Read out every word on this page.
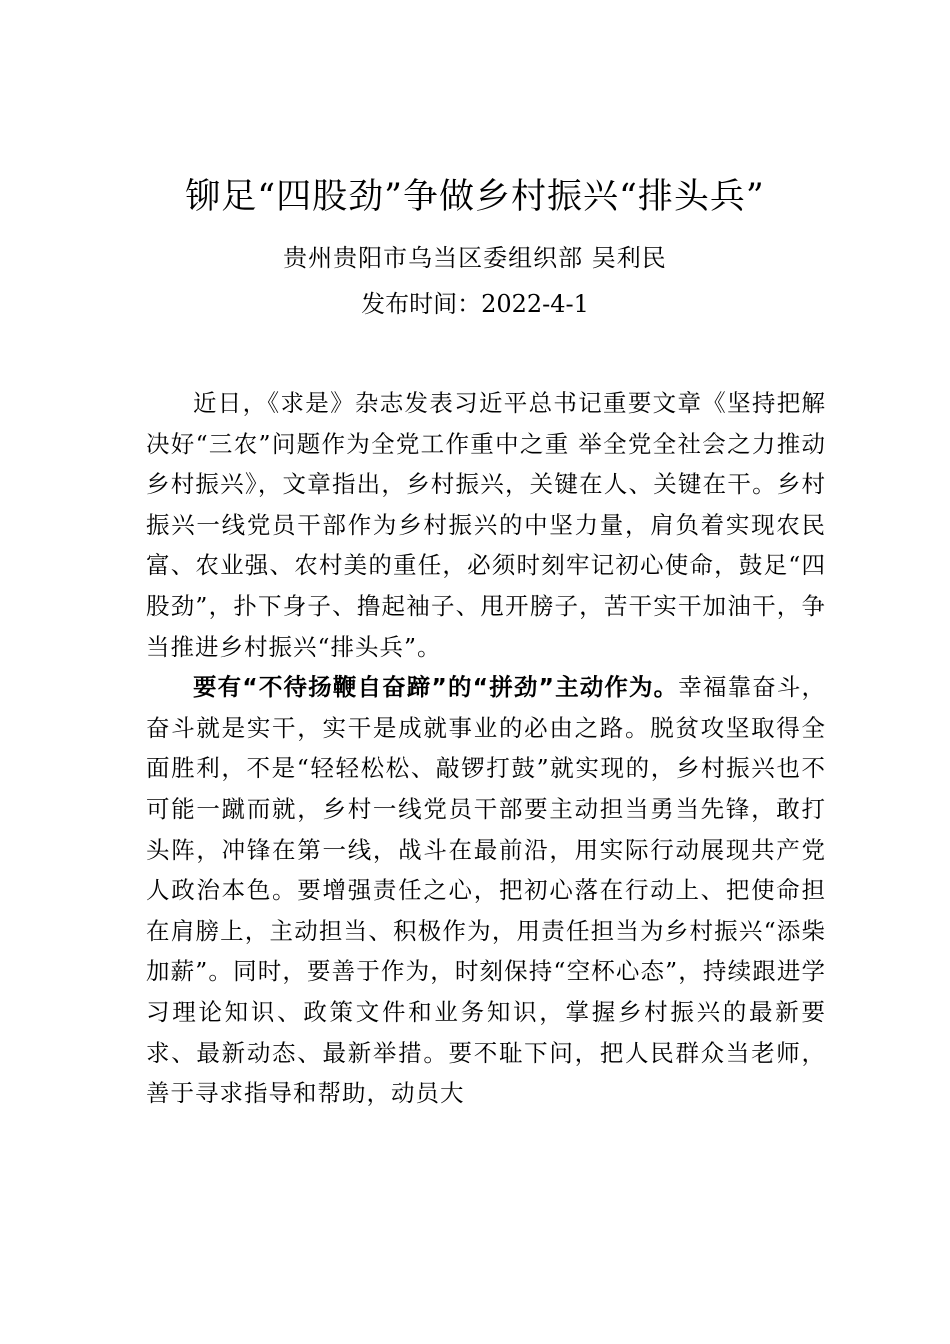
铆足“四股劲”争做乡村振兴“排头兵”
贵州贵阳市乌当区委组织部 吴利民
发布时间：2022-4-1

近日，《求是》杂志发表习近平总书记重要文章《坚持把解决好“三农”问题作为全党工作重中之重 举全党全社会之力推动乡村振兴》，文章指出，乡村振兴，关键在人、关键在干。乡村振兴一线党员干部作为乡村振兴的中坚力量，肩负着实现农民富、农业强、农村美的重任，必须时刻牢记初心使命，鼓足“四股劲”，扑下身子、撸起袖子、甩开膀子，苦干实干加油干，争当推进乡村振兴“排头兵”。

要有“不待扬鞭自奋蹄”的“拼劲”主动作为。幸福靠奋斗，奋斗就是实干，实干是成就事业的必由之路。脱贫攻坚取得全面胜利，不是“轻轻松松、敲锣打鼓”就实现的，乡村振兴也不可能一蹴而就，乡村一线党员干部要主动担当勇当先锋，敢打头阵，冲锋在第一线，战斗在最前沿，用实际行动展现共产党人政治本色。要增强责任之心，把初心落在行动上、把使命担在肩膀上，主动担当、积极作为，用责任担当为乡村振兴“添柴加薪”。同时，要善于作为，时刻保持“空杯心态”，持续跟进学习理论知识、政策文件和业务知识，掌握乡村振兴的最新要求、最新动态、最新举措。要不耻下问，把人民群众当老师，善于寻求指导和帮助，动员大
